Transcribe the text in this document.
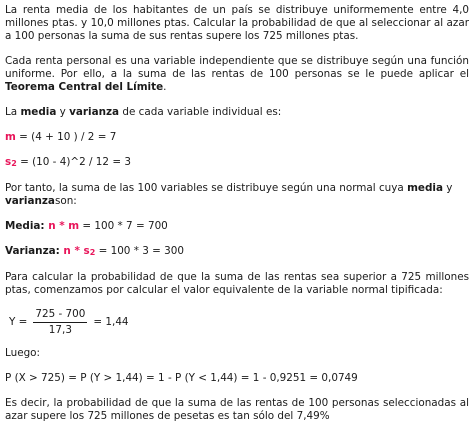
La renta media de los habitantes de un país se distribuye uniformemente entre 4,0 millones ptas. y 10,0 millones ptas. Calcular la probabilidad de que al seleccionar al azar a 100 personas la suma de sus rentas supere los 725 millones ptas.

Cada renta personal es una variable independiente que se distribuye según una función uniforme. Por ello, a la suma de las rentas de 100 personas se le puede aplicar el Teorema Central del Límite.

La media y varianza de cada variable individual es:

m = (4 + 10 ) / 2 = 7

s2 = (10 - 4)^2 / 12 = 3

Por tanto, la suma de las 100 variables se distribuye según una normal cuya media y varianzason:

Media: n * m = 100 * 7 = 700

Varianza: n * s2 = 100 * 3 = 300

Para calcular la probabilidad de que la suma de las rentas sea superior a 725 millones ptas, comenzamos por calcular el valor equivalente de la variable normal tipificada:

$Y = \frac{725 - 700}{17,3} = 1,44$

Luego:

P (X > 725) = P (Y > 1,44) = 1 - P (Y < 1,44) = 1 - 0,9251 = 0,0749

Es decir, la probabilidad de que la suma de las rentas de 100 personas seleccionadas al azar supere los 725 millones de pesetas es tan sólo del 7,49%
